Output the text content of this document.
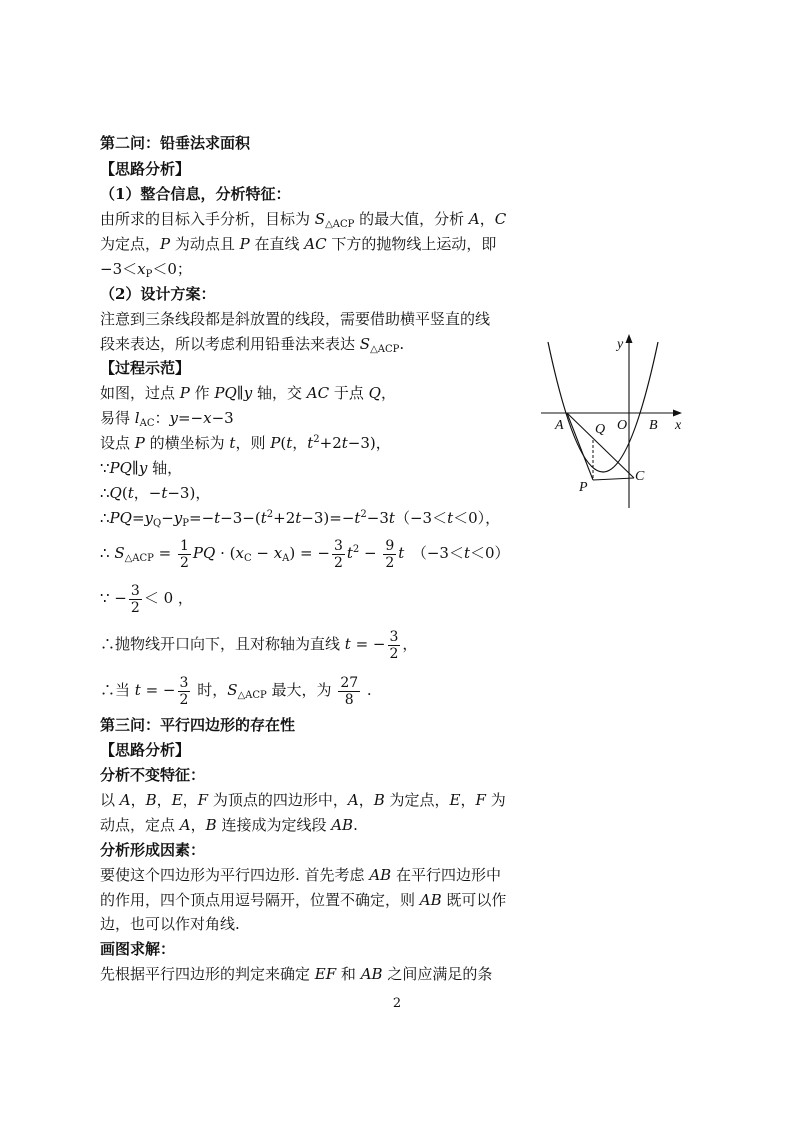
第二问：铅垂法求面积
【思路分析】
（1）整合信息，分析特征：
由所求的目标入手分析，目标为 $S_{\triangle ACP}$ 的最大值，分析 A，C
为定点，P 为动点且 P 在直线 AC 下方的抛物线上运动，即
$-3<x_P<0$；
（2）设计方案：
注意到三条线段都是斜放置的线段，需要借助横平竖直的线
段来表达，所以考虑利用铅垂法来表达 $S_{\triangle ACP}$.
【过程示范】
如图，过点 P 作 PQ∥y 轴，交 AC 于点 Q，
易得 $l_{AC}$：y=−x−3
设点 P 的横坐标为 t，则 P(t，$t^2+2t-3$)，
∵PQ∥y 轴，
∴Q(t，−t−3)，
$\therefore PQ=y_Q-y_P=-t-3-(t^2+2t-3)=-t^2-3t(-3<t<0)$，
∴ $S_{\triangle ACP} = \frac{1}{2}$ PQ · $(x_C - x_A)$ = − $\frac{3}{2} t^2 - \frac{9}{2}$ t　（−3＜t＜0）
∵ − $\frac{3}{2} < 0$ ，
∴抛物线开口向下，且对称轴为直线 t = − $\frac{3}{2}$ ，
∴当 t = − $\frac{3}{2}$ 时，$S_{\triangle ACP}$ 最大，为 $\frac{27}{8}$ .
第三问：平行四边形的存在性
【思路分析】
分析不变特征：
以 A，B，E，F 为顶点的四边形中，A，B 为定点，E，F 为
动点，定点 A，B 连接成为定线段 AB.
分析形成因素：
要使这个四边形为平行四边形. 首先考虑 AB 在平行四边形中
的作用，四个顶点用逗号隔开，位置不确定，则 AB 既可以作
边，也可以作对角线.
画图求解：
先根据平行四边形的判定来确定 EF 和 AB 之间应满足的条
y
x
A Q O B
C
P
2
